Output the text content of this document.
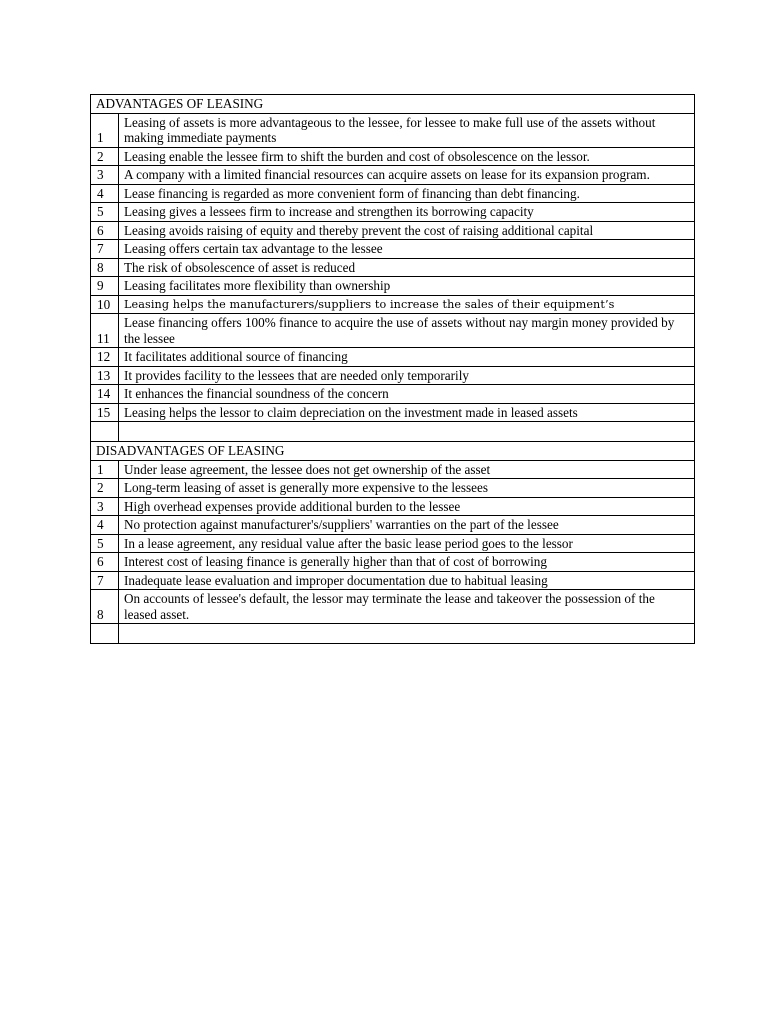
ADVANTAGES OF LEASING	
1	Leasing of assets is more advantageous to the lessee, for lessee to make full use of the assets without making immediate payments
2	Leasing enable the lessee firm to shift the burden and cost of obsolescence on the lessor.
3	A company with a limited financial resources can acquire assets on lease for its expansion program.
4	Lease financing is regarded as more convenient form of financing than debt financing.
5	Leasing gives a lessees firm to increase and strengthen its borrowing capacity
6	Leasing avoids raising of equity and thereby prevent the cost of raising additional capital
7	Leasing offers certain tax advantage to the lessee
8	The risk of obsolescence of asset is reduced
9	Leasing facilitates more flexibility than ownership
10	Leasing helps the manufacturers/suppliers to increase the sales of their equipment’s
11	Lease financing offers 100% finance to acquire the use of assets without nay margin money provided by the lessee
12	It facilitates additional source of financing
13	It provides facility to the lessees that are needed only temporarily
14	It enhances the financial soundness of the concern
15	Leasing helps the lessor to claim depreciation on the investment made in leased assets

DISADVANTAGES OF LEASING	
1	Under lease agreement, the lessee does not get ownership of the asset
2	Long-term leasing of asset is generally more expensive to the lessees
3	High overhead expenses provide additional burden to the lessee
4	No protection against manufacturer's/suppliers' warranties on the part of the lessee
5	In a lease agreement, any residual value after the basic lease period goes to the lessor
6	Interest cost of leasing finance is generally higher than that of cost of borrowing
7	Inadequate lease evaluation and improper documentation due to habitual leasing
8	On accounts of lessee's default, the lessor may terminate the lease and takeover the possession of the leased asset.
